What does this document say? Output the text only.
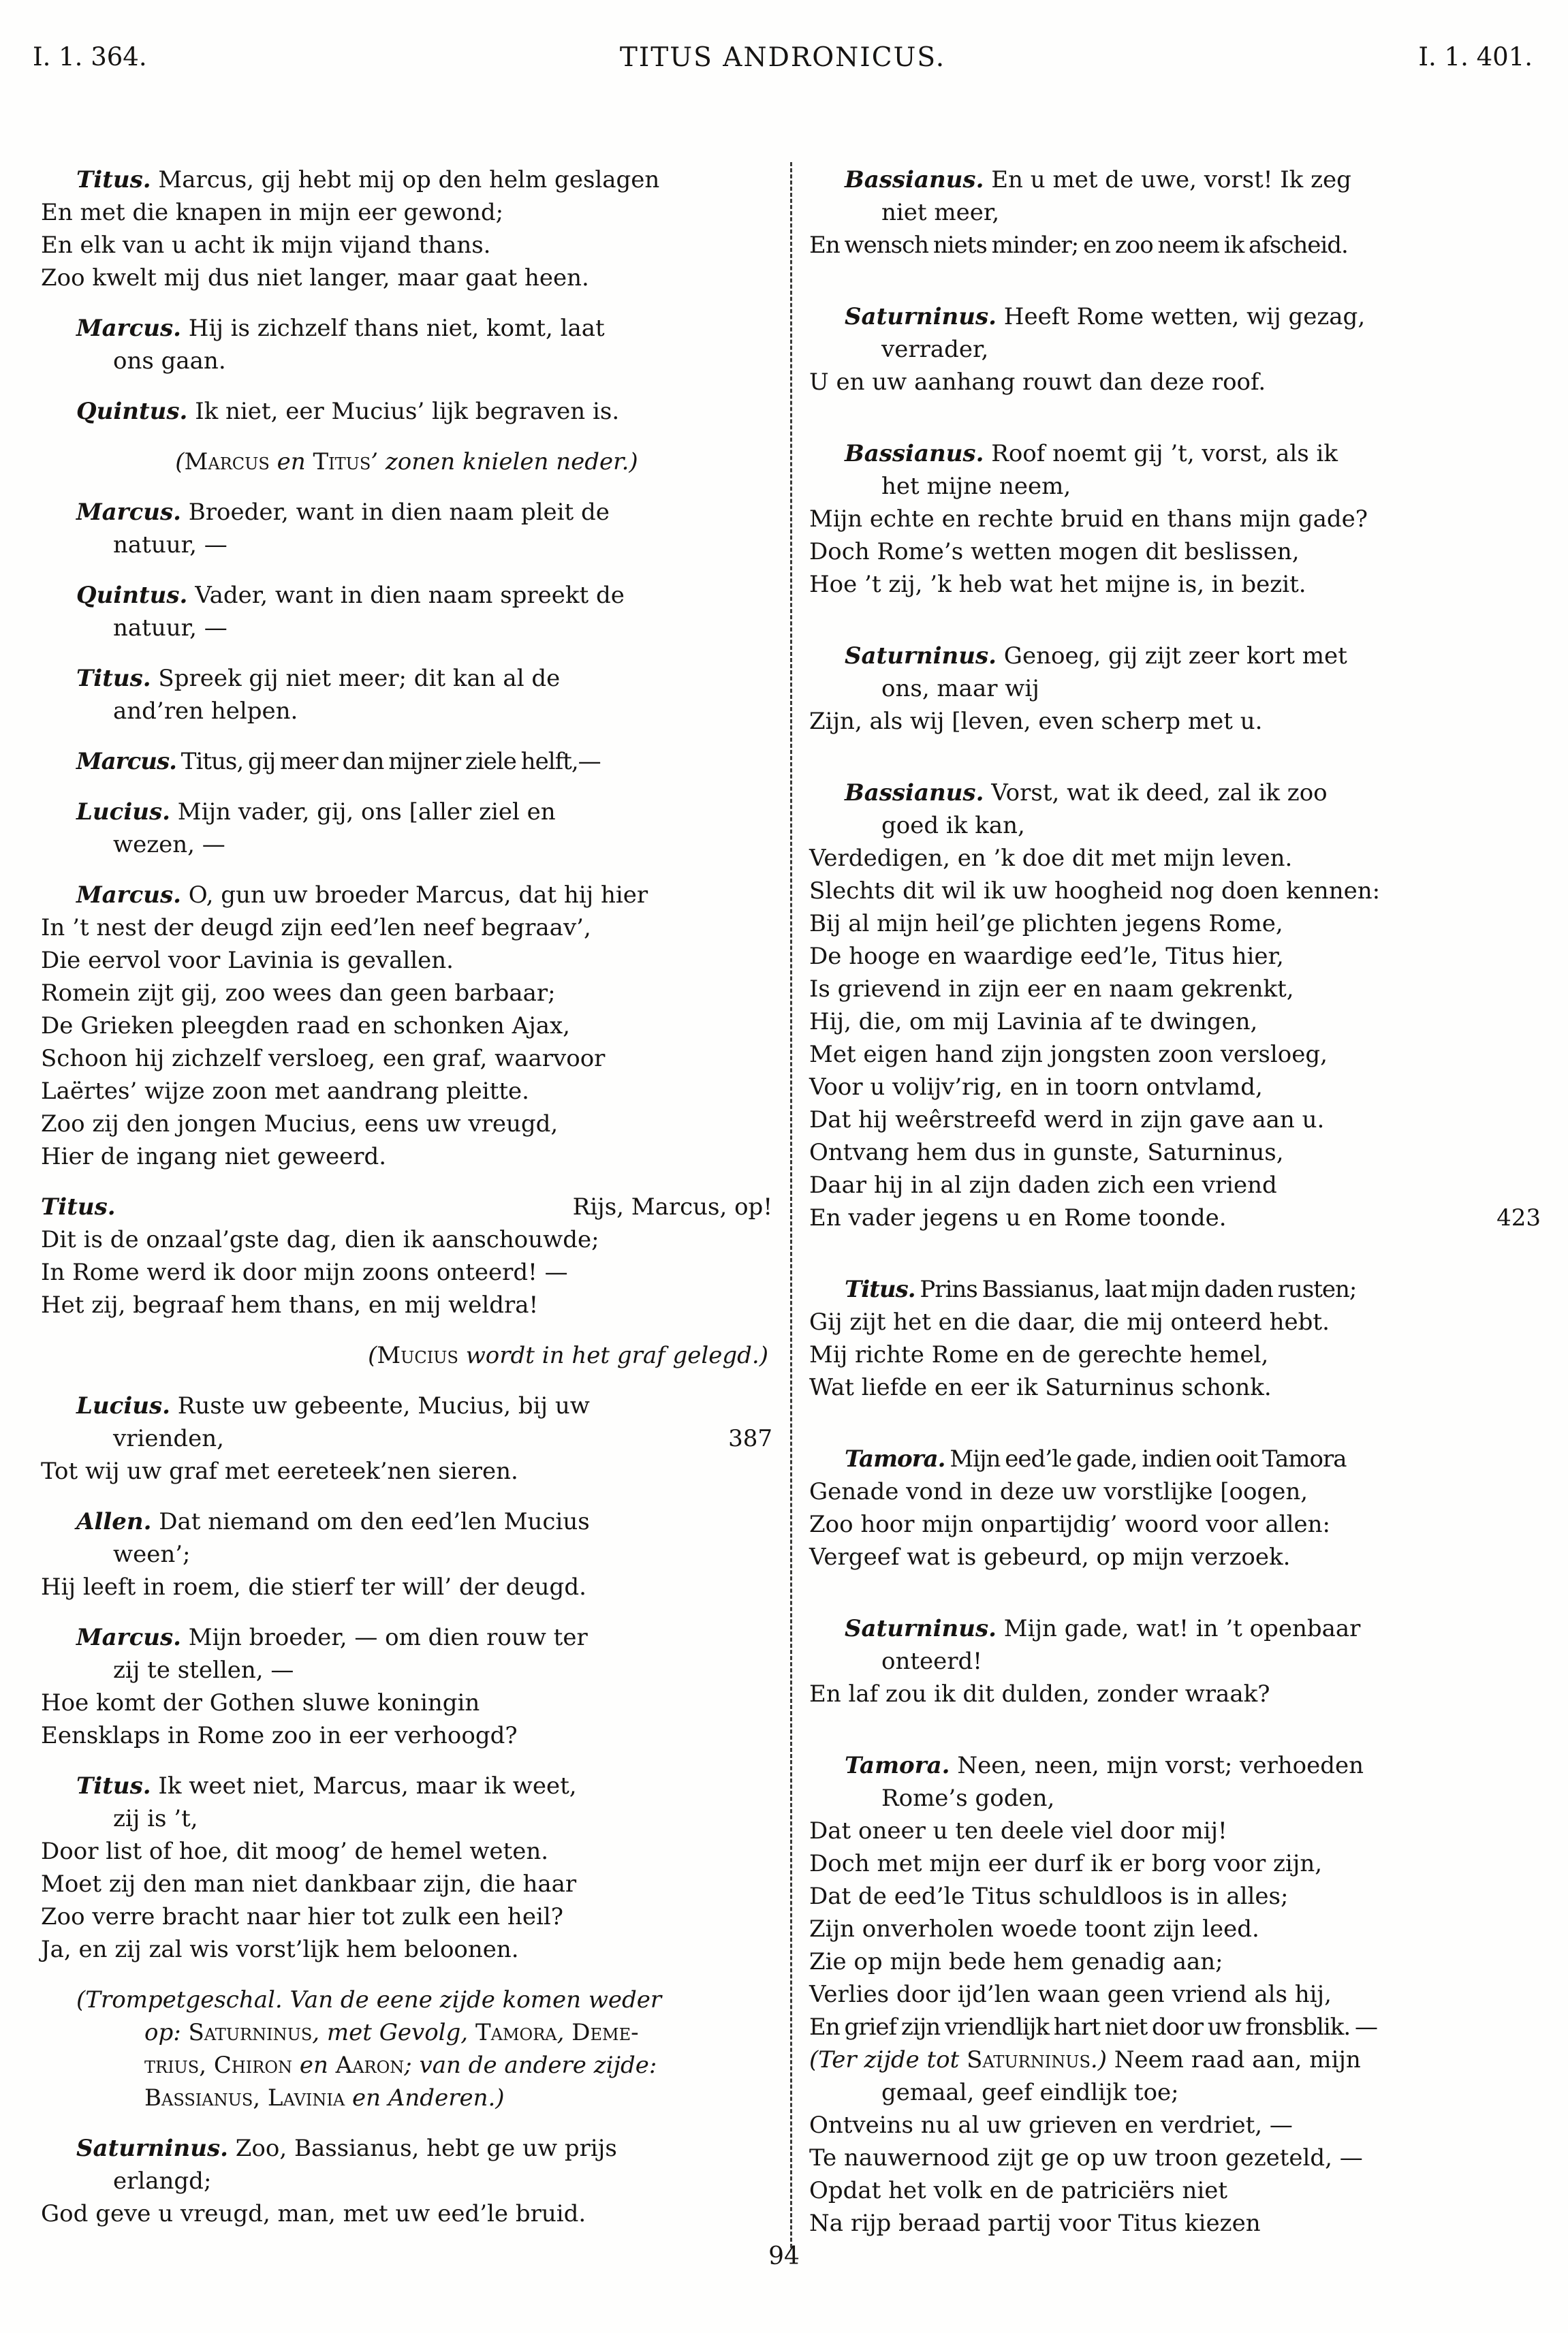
I. 1. 364.	TITUS ANDRONICUS.	I. 1. 401.
Titus. Marcus, gij hebt mij op den helm geslagen
En met die knapen in mijn eer gewond;
En elk van u acht ik mijn vijand thans.
Zoo kwelt mij dus niet langer, maar gaat heen.
Marcus. Hij is zichzelf thans niet, komt, laat
ons gaan.
Quintus. Ik niet, eer Mucius’ lijk begraven is.
(Marcus en Titus’ zonen knielen neder.)
Marcus. Broeder, want in dien naam pleit de
natuur, —
Quintus. Vader, want in dien naam spreekt de
natuur, —
Titus. Spreek gij niet meer; dit kan al de
and’ren helpen.
Marcus. Titus, gij meer dan mijner ziele helft,—
Lucius. Mijn vader, gij, ons [aller ziel en
wezen, —
Marcus. O, gun uw broeder Marcus, dat hij hier
In ’t nest der deugd zijn eed’len neef begraav’,
Die eervol voor Lavinia is gevallen.
Romein zijt gij, zoo wees dan geen barbaar;
De Grieken pleegden raad en schonken Ajax,
Schoon hij zichzelf versloeg, een graf, waarvoor
Laërtes’ wijze zoon met aandrang pleitte.
Zoo zij den jongen Mucius, eens uw vreugd,
Hier de ingang niet geweerd.
Titus.	Rijs, Marcus, op!
Dit is de onzaal’gste dag, dien ik aanschouwde;
In Rome werd ik door mijn zoons onteerd! —
Het zij, begraaf hem thans, en mij weldra!
(Mucius wordt in het graf gelegd.)
Lucius. Ruste uw gebeente, Mucius, bij uw
vrienden,	387
Tot wij uw graf met eereteek’nen sieren.
Allen. Dat niemand om den eed’len Mucius
ween’;
Hij leeft in roem, die stierf ter will’ der deugd.
Marcus. Mijn broeder, — om dien rouw ter
zij te stellen, —
Hoe komt der Gothen sluwe koningin
Eensklaps in Rome zoo in eer verhoogd?
Titus. Ik weet niet, Marcus, maar ik weet,
zij is ’t,
Door list of hoe, dit moog’ de hemel weten.
Moet zij den man niet dankbaar zijn, die haar
Zoo verre bracht naar hier tot zulk een heil?
Ja, en zij zal wis vorst’lijk hem beloonen.
(Trompetgeschal. Van de eene zijde komen weder
op: Saturninus, met Gevolg, Tamora, Deme-
trius, Chiron en Aaron; van de andere zijde:
Bassianus, Lavinia en Anderen.)
Saturninus. Zoo, Bassianus, hebt ge uw prijs
erlangd;
God geve u vreugd, man, met uw eed’le bruid.
Bassianus. En u met de uwe, vorst! Ik zeg
niet meer,
En wensch niets minder; en zoo neem ik afscheid.
Saturninus. Heeft Rome wetten, wij gezag,
verrader,
U en uw aanhang rouwt dan deze roof.
Bassianus. Roof noemt gij ’t, vorst, als ik
het mijne neem,
Mijn echte en rechte bruid en thans mijn gade?
Doch Rome’s wetten mogen dit beslissen,
Hoe ’t zij, ’k heb wat het mijne is, in bezit.
Saturninus. Genoeg, gij zijt zeer kort met
ons, maar wij
Zijn, als wij [leven, even scherp met u.
Bassianus. Vorst, wat ik deed, zal ik zoo
goed ik kan,
Verdedigen, en ’k doe dit met mijn leven.
Slechts dit wil ik uw hoogheid nog doen kennen:
Bij al mijn heil’ge plichten jegens Rome,
De hooge en waardige eed’le, Titus hier,
Is grievend in zijn eer en naam gekrenkt,
Hij, die, om mij Lavinia af te dwingen,
Met eigen hand zijn jongsten zoon versloeg,
Voor u volijv’rig, en in toorn ontvlamd,
Dat hij weêrstreefd werd in zijn gave aan u.
Ontvang hem dus in gunste, Saturninus,
Daar hij in al zijn daden zich een vriend
En vader jegens u en Rome toonde.	423
Titus. Prins Bassianus, laat mijn daden rusten;
Gij zijt het en die daar, die mij onteerd hebt.
Mij richte Rome en de gerechte hemel,
Wat liefde en eer ik Saturninus schonk.
Tamora. Mijn eed’le gade, indien ooit Tamora
Genade vond in deze uw vorstlijke [oogen,
Zoo hoor mijn onpartijdig’ woord voor allen:
Vergeef wat is gebeurd, op mijn verzoek.
Saturninus. Mijn gade, wat! in ’t openbaar
onteerd!
En laf zou ik dit dulden, zonder wraak?
Tamora. Neen, neen, mijn vorst; verhoeden
Rome’s goden,
Dat oneer u ten deele viel door mij!
Doch met mijn eer durf ik er borg voor zijn,
Dat de eed’le Titus schuldloos is in alles;
Zijn onverholen woede toont zijn leed.
Zie op mijn bede hem genadig aan;
Verlies door ijd’len waan geen vriend als hij,
En grief zijn vriendlijk hart niet door uw fronsblik. —
(Ter zijde tot Saturninus.) Neem raad aan, mijn
gemaal, geef eindlijk toe;
Ontveins nu al uw grieven en verdriet, —
Te nauwernood zijt ge op uw troon gezeteld, —
Opdat het volk en de patriciërs niet
Na rijp beraad partij voor Titus kiezen
94
